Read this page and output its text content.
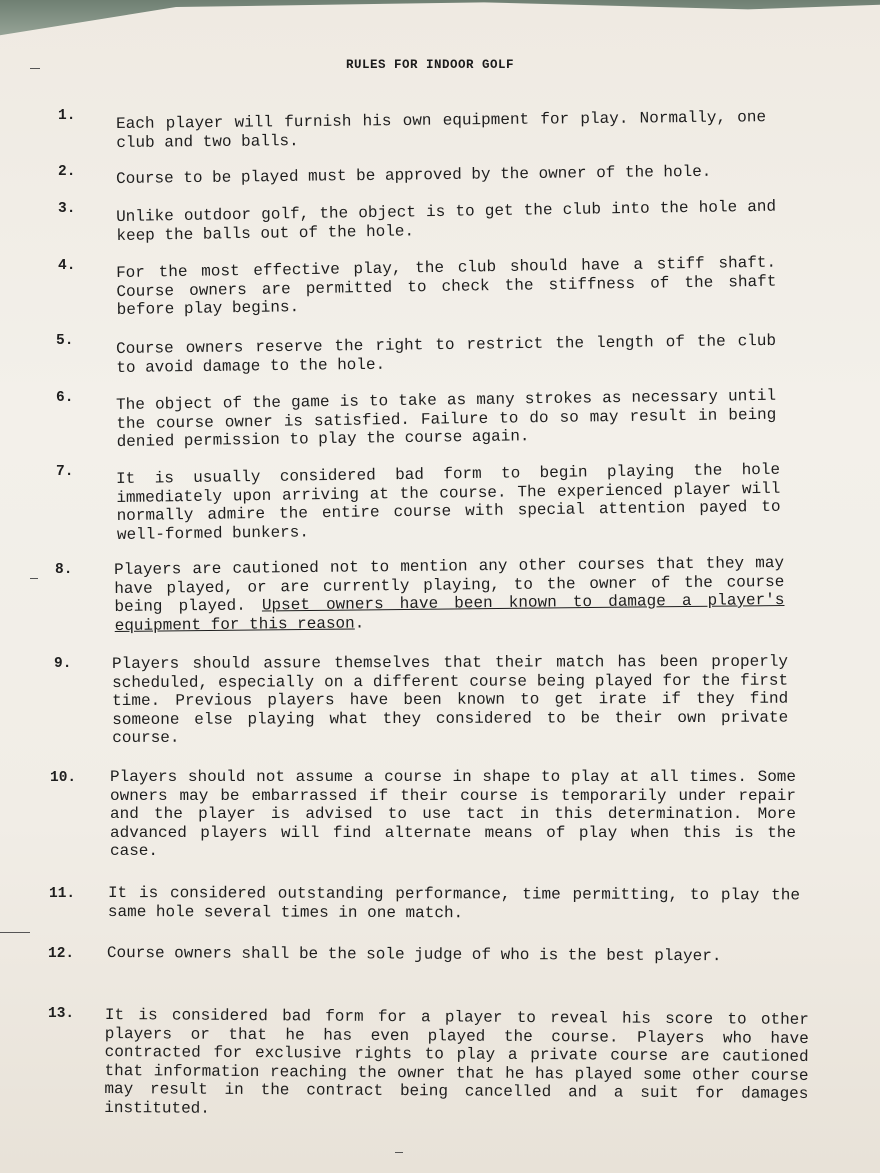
RULES FOR INDOOR GOLF
1.	Each player will furnish his own equipment for play. Normally, one club and two balls.
2.	Course to be played must be approved by the owner of the hole.
3.	Unlike outdoor golf, the object is to get the club into the hole and keep the balls out of the hole.
4.	For the most effective play, the club should have a stiff shaft. Course owners are permitted to check the stiffness of the shaft before play begins.
5.	Course owners reserve the right to restrict the length of the club to avoid damage to the hole.
6.	The object of the game is to take as many strokes as necessary until the course owner is satisfied. Failure to do so may result in being denied permission to play the course again.
7.	It is usually considered bad form to begin playing the hole immediately upon arriving at the course. The experienced player will normally admire the entire course with special attention payed to well-formed bunkers.
8.	Players are cautioned not to mention any other courses that they may have played, or are currently playing, to the owner of the course being played. Upset owners have been known to damage a player's equipment for this reason.
9.	Players should assure themselves that their match has been properly scheduled, especially on a different course being played for the first time. Previous players have been known to get irate if they find someone else playing what they considered to be their own private course.
10. Players should not assume a course in shape to play at all times. Some owners may be embarrassed if their course is temporarily under repair and the player is advised to use tact in this determination. More advanced players will find alternate means of play when this is the case.
11. It is considered outstanding performance, time permitting, to play the same hole several times in one match.
12. Course owners shall be the sole judge of who is the best player.
13. It is considered bad form for a player to reveal his score to other players or that he has even played the course. Players who have contracted for exclusive rights to play a private course are cautioned that information reaching the owner that he has played some other course may result in the contract being cancelled and a suit for damages instituted.
